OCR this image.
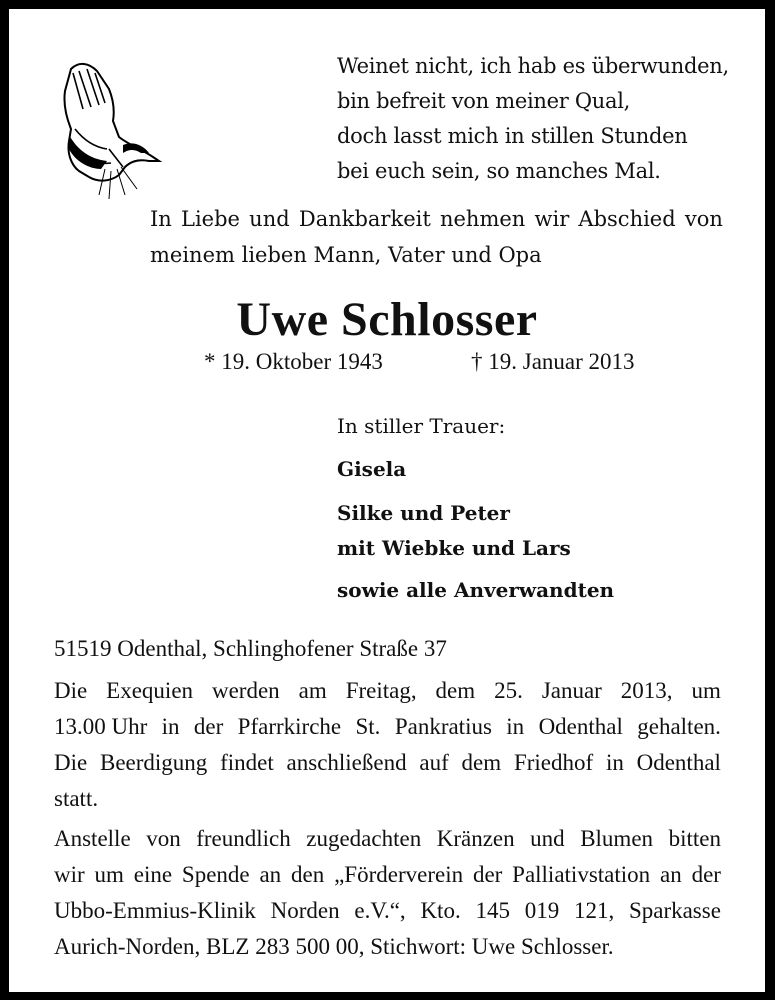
Weinet nicht, ich hab es überwunden,
bin befreit von meiner Qual,
doch lasst mich in stillen Stunden
bei euch sein, so manches Mal.
In Liebe und Dankbarkeit nehmen wir Abschied von
meinem lieben Mann, Vater und Opa
Uwe Schlosser
* 19. Oktober 1943	† 19. Januar 2013
In stiller Trauer:
Gisela
Silke und Peter
mit Wiebke und Lars
sowie alle Anverwandten
51519 Odenthal, Schlinghofener Straße 37
Die Exequien werden am Freitag, dem 25. Januar 2013, um
13.00 Uhr in der Pfarrkirche St. Pankratius in Odenthal gehalten.
Die Beerdigung findet anschließend auf dem Friedhof in Odenthal
statt.
Anstelle von freundlich zugedachten Kränzen und Blumen bitten
wir um eine Spende an den „Förderverein der Palliativstation an der
Ubbo-Emmius-Klinik Norden e.V.“, Kto. 145 019 121, Sparkasse
Aurich-Norden, BLZ 283 500 00, Stichwort: Uwe Schlosser.
